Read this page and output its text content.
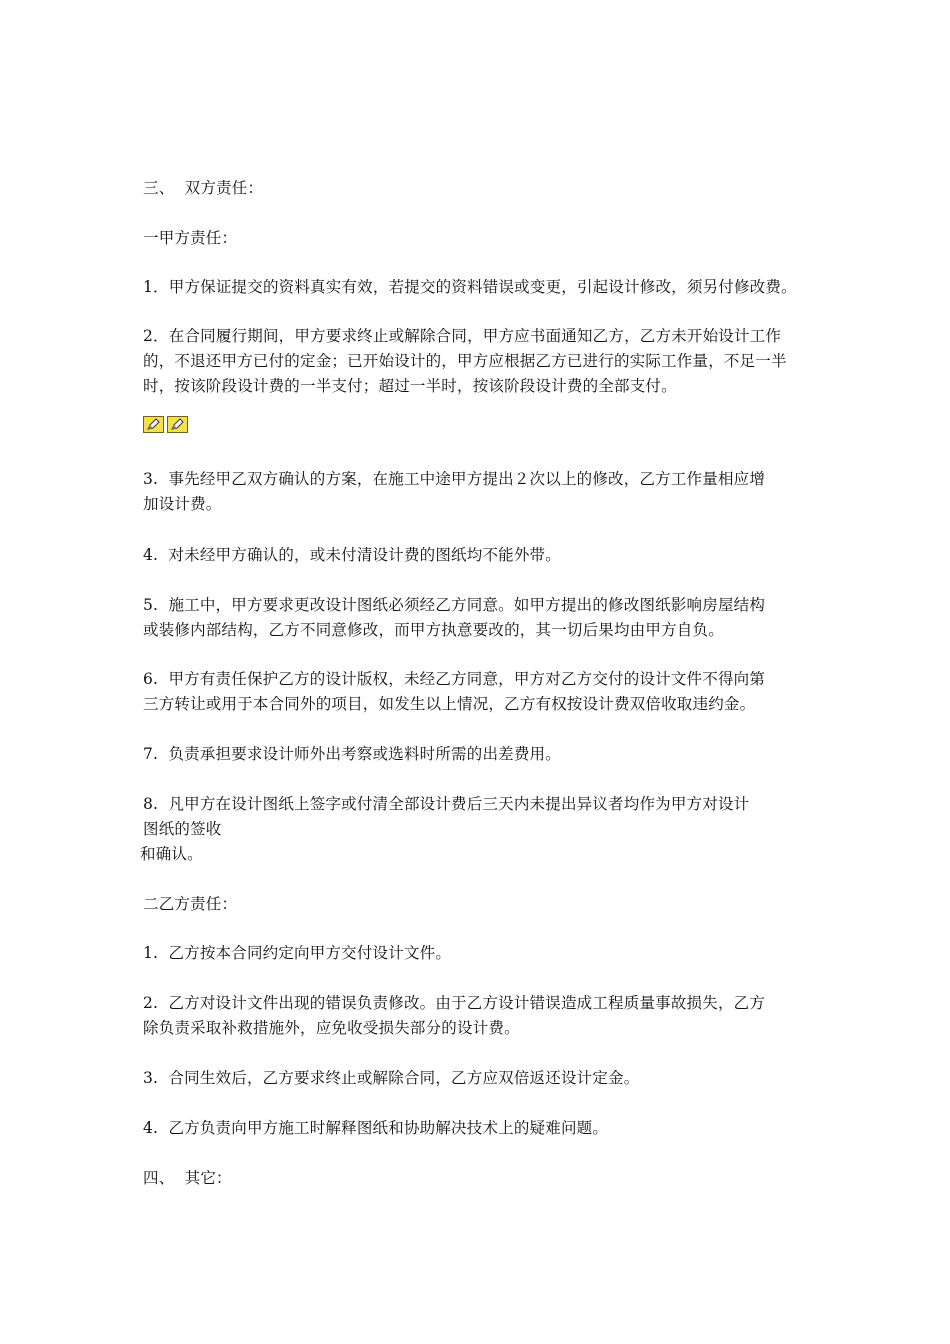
三、  双方责任：
一甲方责任：
1．甲方保证提交的资料真实有效，若提交的资料错误或变更，引起设计修改，须另付修改费。
2．在合同履行期间，甲方要求终止或解除合同，甲方应书面通知乙方，乙方未开始设计工作
的，不退还甲方已付的定金；已开始设计的，甲方应根据乙方已进行的实际工作量，不足一半
时，按该阶段设计费的一半支付；超过一半时，按该阶段设计费的全部支付。
3.  事先经甲乙双方确认的方案，在施工中途甲方提出２次以上的修改，乙方工作量相应增
加设计费。
4.  对未经甲方确认的，或未付清设计费的图纸均不能外带。
5.  施工中，甲方要求更改设计图纸必须经乙方同意。如甲方提出的修改图纸影响房屋结构
或装修内部结构，乙方不同意修改，而甲方执意要改的，其一切后果均由甲方自负。
6.  甲方有责任保护乙方的设计版权，未经乙方同意，甲方对乙方交付的设计文件不得向第
三方转让或用于本合同外的项目，如发生以上情况，乙方有权按设计费双倍收取违约金。
7.  负责承担要求设计师外出考察或选料时所需的出差费用。
8.  凡甲方在设计图纸上签字或付清全部设计费后三天内未提出异议者均作为甲方对设计
图纸的签收
和确认。
二乙方责任：
1.  乙方按本合同约定向甲方交付设计文件。
2.  乙方对设计文件出现的错误负责修改。由于乙方设计错误造成工程质量事故损失，乙方
除负责采取补救措施外，应免收受损失部分的设计费。
3.  合同生效后，乙方要求终止或解除合同，乙方应双倍返还设计定金。
4.  乙方负责向甲方施工时解释图纸和协助解决技术上的疑难问题。
四、  其它：
